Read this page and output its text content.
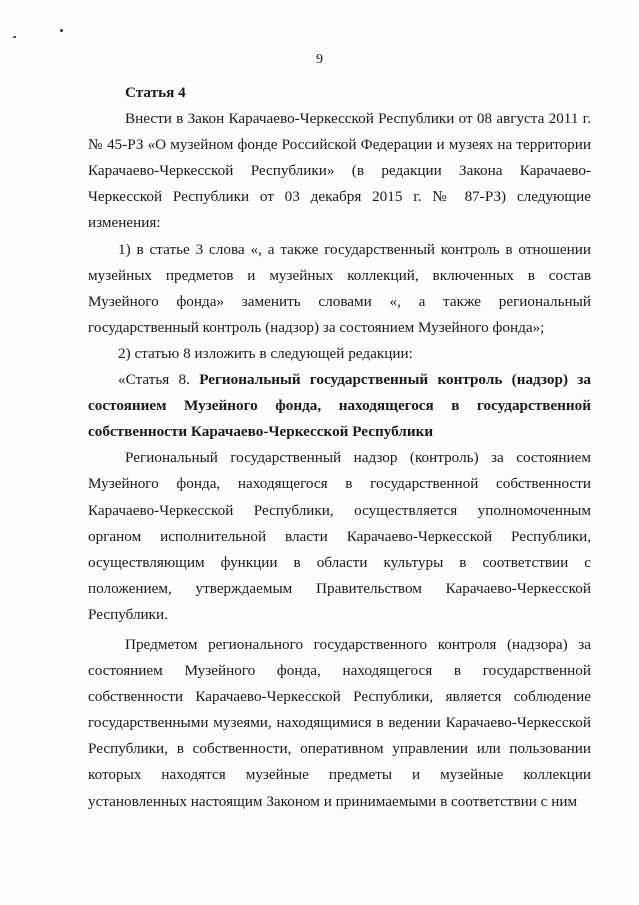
9
Статья 4

Внести в Закон Карачаево-Черкесской Республики от 08 августа 2011 г. № 45-РЗ «О музейном фонде Российской Федерации и музеях на территории Карачаево-Черкесской Республики» (в редакции Закона Карачаево-Черкесской Республики от 03 декабря 2015 г. № 87-РЗ) следующие изменения:

1) в статье 3 слова «, а также государственный контроль в отношении музейных предметов и музейных коллекций, включенных в состав Музейного фонда» заменить словами «, а также региональный государственный контроль (надзор) за состоянием Музейного фонда»;

2) статью 8 изложить в следующей редакции:

«Статья 8. Региональный государственный контроль (надзор) за состоянием Музейного фонда, находящегося в государственной собственности Карачаево-Черкесской Республики

Региональный государственный надзор (контроль) за состоянием Музейного фонда, находящегося в государственной собственности Карачаево-Черкесской Республики, осуществляется уполномоченным органом исполнительной власти Карачаево-Черкесской Республики, осуществляющим функции в области культуры в соответствии с положением, утверждаемым Правительством Карачаево-Черкесской Республики.

Предметом регионального государственного контроля (надзора) за состоянием Музейного фонда, находящегося в государственной собственности Карачаево-Черкесской Республики, является соблюдение государственными музеями, находящимися в ведении Карачаево-Черкесской Республики, в собственности, оперативном управлении или пользовании которых находятся музейные предметы и музейные коллекции установленных настоящим Законом и принимаемыми в соответствии с ним
